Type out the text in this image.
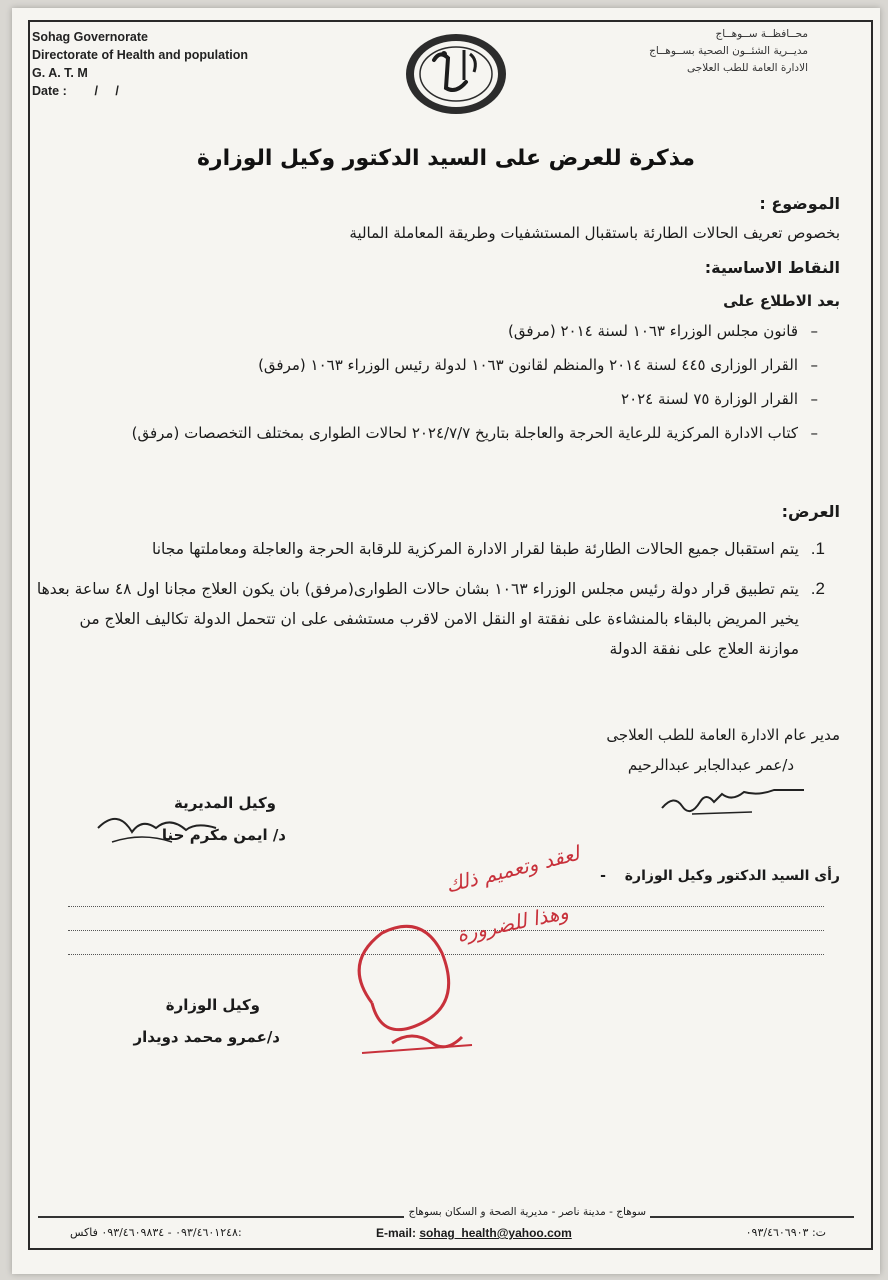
Sohag Governorate
Directorate of Health and population
G. A. T. M
Date :        /     /
محــافظــة ســوهــاج
مديــرية الشئــون الصحية بســوهــاج
الادارة العامة للطب العلاجى
مذكرة للعرض على السيد الدكتور وكيل الوزارة
الموضوع :
بخصوص تعريف الحالات الطارئة باستقبال المستشفيات وطريقة المعاملة المالية
النقاط الاساسية:
بعد الاطلاع على
– قانون مجلس الوزراء ١٠٦٣ لسنة ٢٠١٤ (مرفق)
– القرار الوزارى ٤٤٥ لسنة ٢٠١٤ والمنظم لقانون ١٠٦٣ لدولة رئيس الوزراء ١٠٦٣ (مرفق)
– القرار الوزارة ٧٥ لسنة ٢٠٢٤
– كتاب الادارة المركزية للرعاية الحرجة والعاجلة بتاريخ ٢٠٢٤/٧/٧ لحالات الطوارى بمختلف التخصصات (مرفق)
العرض:
1.
يتم استقبال جميع الحالات الطارئة طبقا لقرار الادارة المركزية للرقابة الحرجة والعاجلة ومعاملتها مجانا
2.
يتم تطبيق قرار دولة رئيس مجلس الوزراء ١٠٦٣ بشان حالات الطوارى(مرفق) بان يكون العلاج مجانا اول ٤٨ ساعة بعدها يخير المريض بالبقاء بالمنشاءة على نفقتة او النقل الامن لاقرب مستشفى على ان تتحمل الدولة تكاليف العلاج من موازنة العلاج على نفقة الدولة
مدير عام الادارة العامة للطب العلاجى
د/عمر عبدالجابر عبدالرحيم
وكيل المديرية
د/ ايمن مكرم حنا
رأى السيد الدكتور وكيل الوزارة -
لعقد وتعميم ذلك
وهذا للضرورة
وكيل الوزارة
د/عمرو محمد دويدار
سوهاج - مدينة ناصر - مديرية الصحة و السكان بسوهاج
٠٩٣/٤٦٠١٢٤٨ - ٠٩٣/٤٦٠٩٨٣٤ فاكس:	E-mail: sohag_health@yahoo.com	ت: ٠٩٣/٤٦٠٦٩٠٣
